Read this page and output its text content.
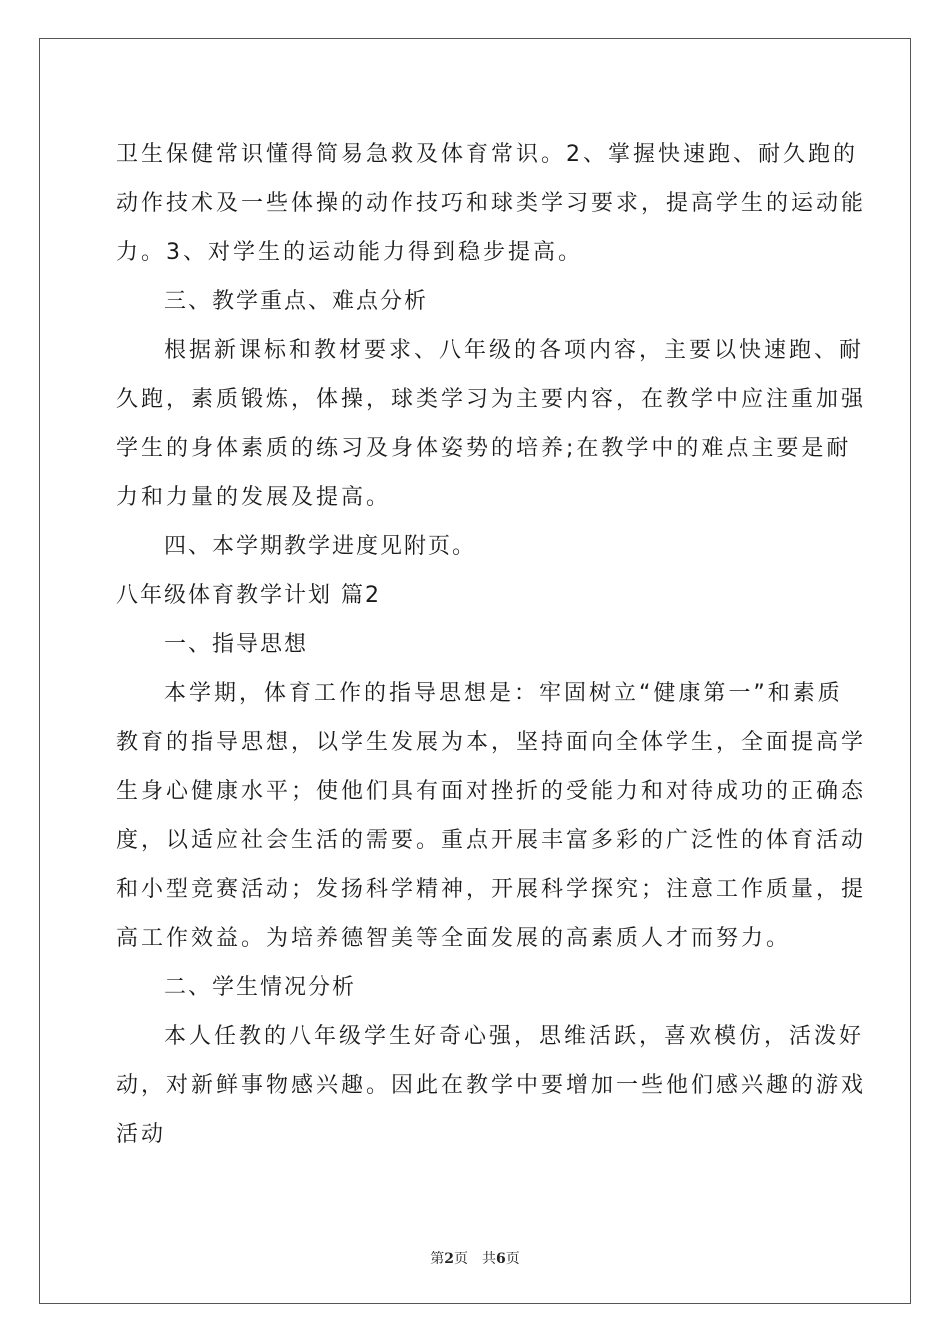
卫生保健常识懂得简易急救及体育常识。2、掌握快速跑、耐久跑的
动作技术及一些体操的动作技巧和球类学习要求，提高学生的运动能
力。3、对学生的运动能力得到稳步提高。
三、教学重点、难点分析
根据新课标和教材要求、八年级的各项内容，主要以快速跑、耐
久跑，素质锻炼，体操，球类学习为主要内容，在教学中应注重加强
学生的身体素质的练习及身体姿势的培养;在教学中的难点主要是耐
力和力量的发展及提高。
四、本学期教学进度见附页。
八年级体育教学计划 篇2
一、指导思想
本学期，体育工作的指导思想是：牢固树立“健康第一”和素质
教育的指导思想，以学生发展为本，坚持面向全体学生，全面提高学
生身心健康水平；使他们具有面对挫折的受能力和对待成功的正确态
度，以适应社会生活的需要。重点开展丰富多彩的广泛性的体育活动
和小型竞赛活动；发扬科学精神，开展科学探究；注意工作质量，提
高工作效益。为培养德智美等全面发展的高素质人才而努力。
二、学生情况分析
本人任教的八年级学生好奇心强，思维活跃，喜欢模仿，活泼好
动，对新鲜事物感兴趣。因此在教学中要增加一些他们感兴趣的游戏
活动
第2页　 共6页
